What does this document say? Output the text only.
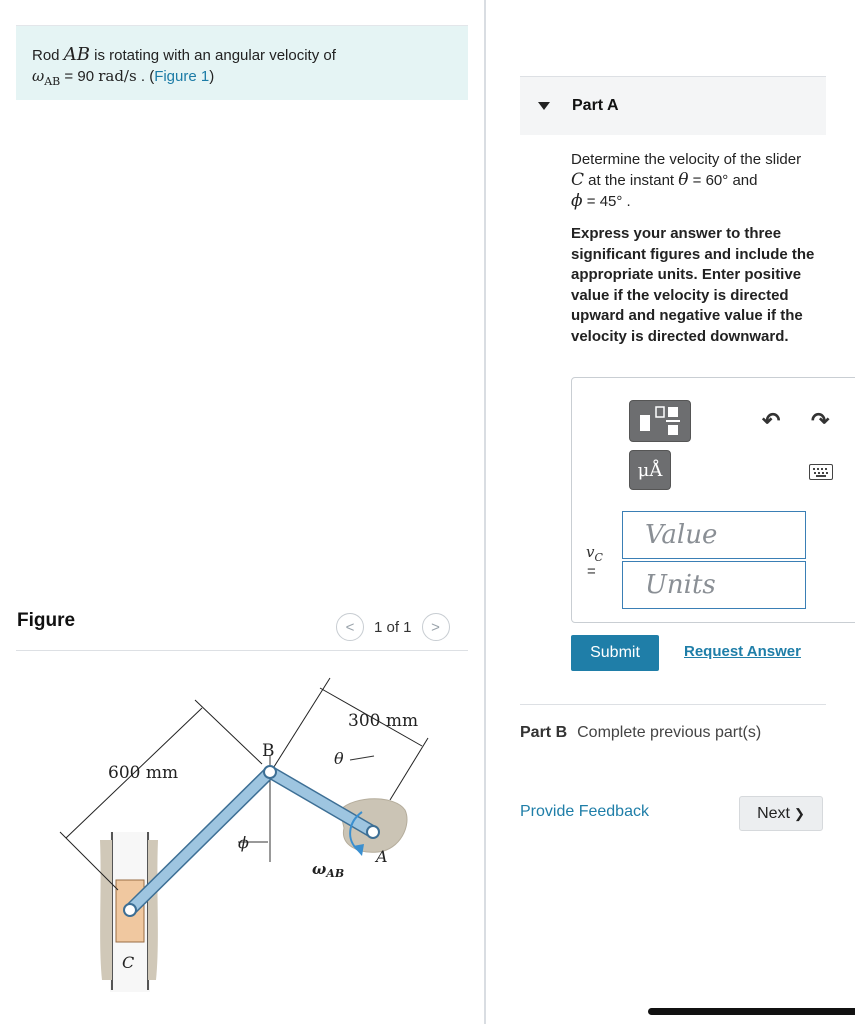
Rod AB is rotating with an angular velocity of
$\omega_{AB} = 90$ rad/s . (Figure 1)
Figure	< 1 of 1 >
600 mm
300 mm
B
A
C
θ
ϕ
$\omega_{AB}$
Part A
Determine the velocity of the slider
C at the instant θ = 60° and
ϕ = 45° .
Express your answer to three significant figures and include the appropriate units. Enter positive value if the velocity is directed upward and negative value if the velocity is directed downward.
μÅ
↶ ↷
$v_C$
=
Value
Units
Submit	Request Answer
Part B Complete previous part(s)
Provide Feedback	Next ❯
